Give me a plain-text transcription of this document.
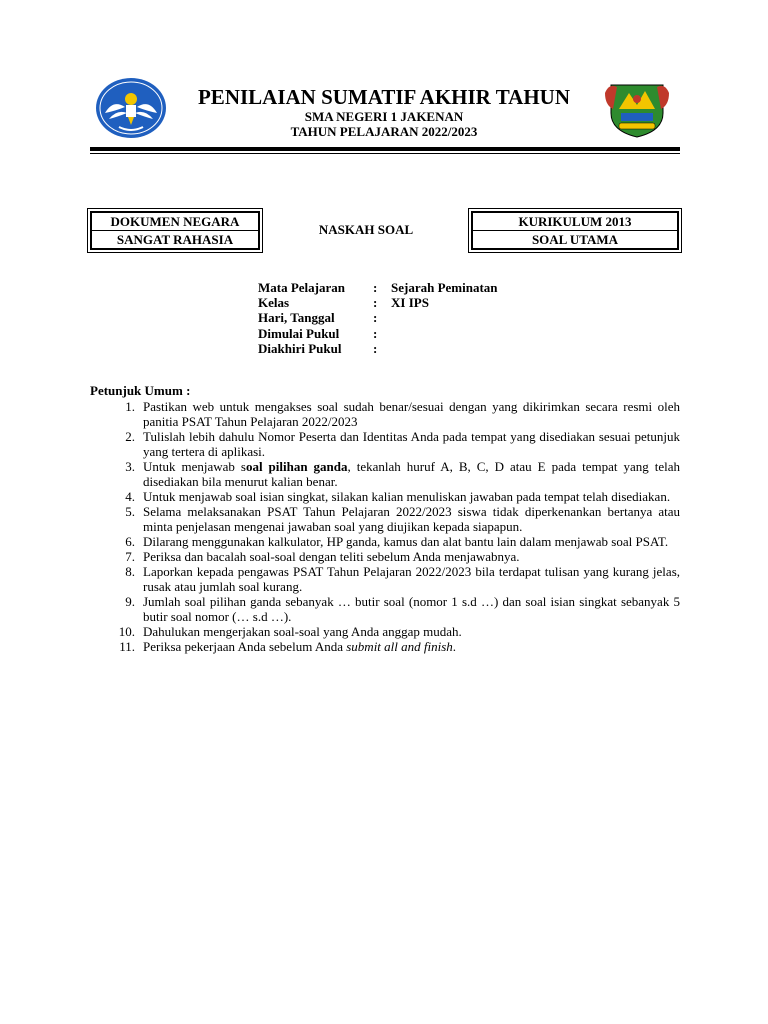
PENILAIAN SUMATIF AKHIR TAHUN
SMA NEGERI 1 JAKENAN
TAHUN PELAJARAN 2022/2023
DOKUMEN NEGARA
SANGAT RAHASIA
NASKAH SOAL
KURIKULUM 2013
SOAL UTAMA
Mata Pelajaran	:	Sejarah Peminatan
Kelas	:	XI IPS
Hari, Tanggal	:
Dimulai Pukul	:
Diakhiri Pukul	:
Petunjuk Umum :
1. Pastikan web untuk mengakses soal sudah benar/sesuai dengan yang dikirimkan secara resmi oleh panitia PSAT Tahun Pelajaran 2022/2023
2. Tulislah lebih dahulu Nomor Peserta dan Identitas Anda pada tempat yang disediakan sesuai petunjuk yang tertera di aplikasi.
3. Untuk menjawab soal pilihan ganda, tekanlah huruf A, B, C, D atau E pada tempat yang telah disediakan bila menurut kalian benar.
4. Untuk menjawab soal isian singkat, silakan kalian menuliskan jawaban pada tempat telah disediakan.
5. Selama melaksanakan PSAT Tahun Pelajaran 2022/2023 siswa tidak diperkenankan bertanya atau minta penjelasan mengenai jawaban soal yang diujikan kepada siapapun.
6. Dilarang menggunakan kalkulator, HP ganda, kamus dan alat bantu lain dalam menjawab soal PSAT.
7. Periksa dan bacalah soal-soal dengan teliti sebelum Anda menjawabnya.
8. Laporkan kepada pengawas PSAT Tahun Pelajaran 2022/2023 bila terdapat tulisan yang kurang jelas, rusak atau jumlah soal kurang.
9. Jumlah soal pilihan ganda sebanyak … butir soal (nomor 1 s.d …) dan soal isian singkat sebanyak 5 butir soal nomor (… s.d …).
10. Dahulukan mengerjakan soal-soal yang Anda anggap mudah.
11. Periksa pekerjaan Anda sebelum Anda submit all and finish.
